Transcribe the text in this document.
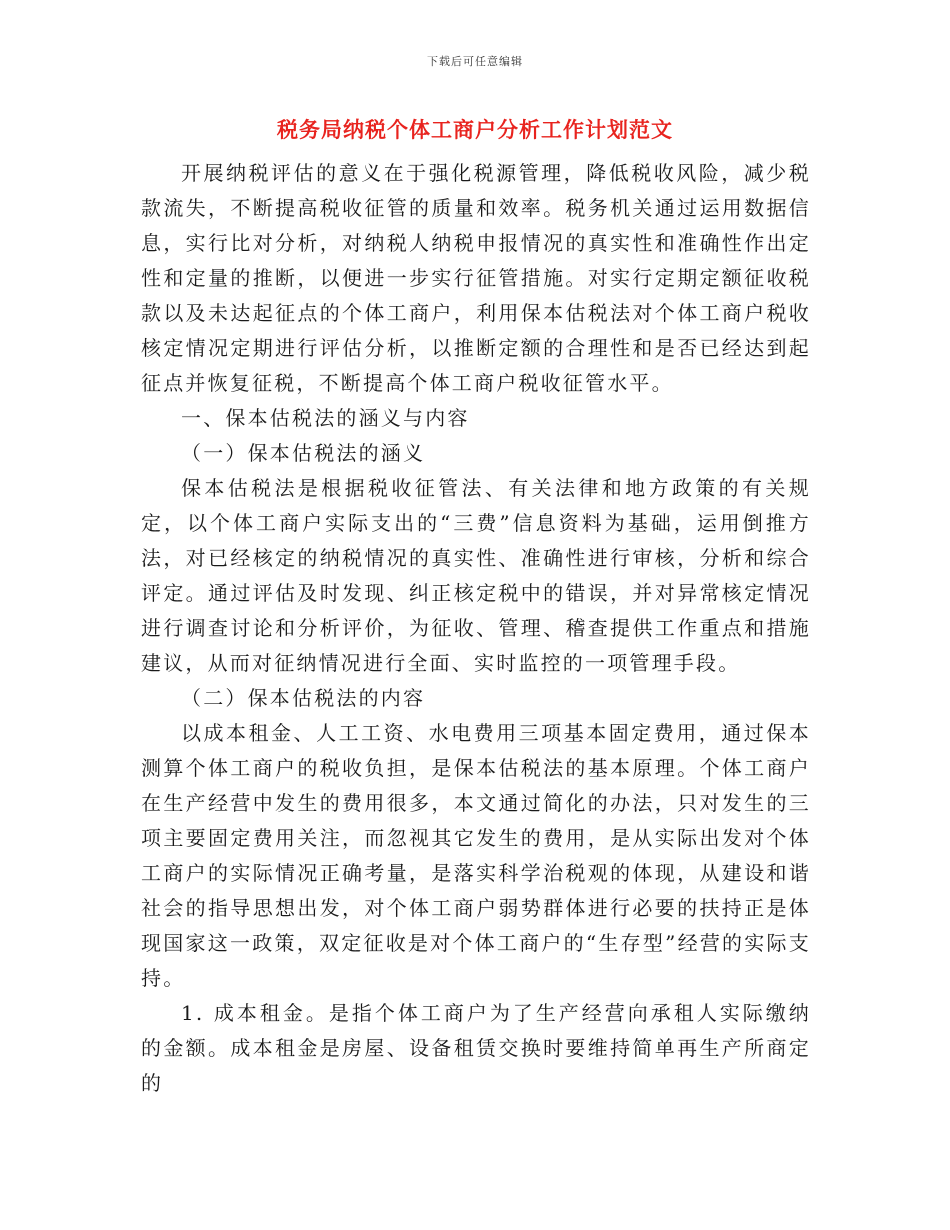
下载后可任意编辑
税务局纳税个体工商户分析工作计划范文

开展纳税评估的意义在于强化税源管理，降低税收风险，减少税款流失，不断提高税收征管的质量和效率。税务机关通过运用数据信息，实行比对分析，对纳税人纳税申报情况的真实性和准确性作出定性和定量的推断，以便进一步实行征管措施。对实行定期定额征收税款以及未达起征点的个体工商户，利用保本估税法对个体工商户税收核定情况定期进行评估分析，以推断定额的合理性和是否已经达到起征点并恢复征税，不断提高个体工商户税收征管水平。

一、保本估税法的涵义与内容

（一）保本估税法的涵义

保本估税法是根据税收征管法、有关法律和地方政策的有关规定，以个体工商户实际支出的“三费”信息资料为基础，运用倒推方法，对已经核定的纳税情况的真实性、准确性进行审核，分析和综合评定。通过评估及时发现、纠正核定税中的错误，并对异常核定情况进行调查讨论和分析评价，为征收、管理、稽查提供工作重点和措施建议，从而对征纳情况进行全面、实时监控的一项管理手段。

（二）保本估税法的内容

以成本租金、人工工资、水电费用三项基本固定费用，通过保本测算个体工商户的税收负担，是保本估税法的基本原理。个体工商户在生产经营中发生的费用很多，本文通过简化的办法，只对发生的三项主要固定费用关注，而忽视其它发生的费用，是从实际出发对个体工商户的实际情况正确考量，是落实科学治税观的体现，从建设和谐社会的指导思想出发，对个体工商户弱势群体进行必要的扶持正是体现国家这一政策，双定征收是对个体工商户的“生存型”经营的实际支持。

1. 成本租金。是指个体工商户为了生产经营向承租人实际缴纳的金额。成本租金是房屋、设备租赁交换时要维持简单再生产所商定的
